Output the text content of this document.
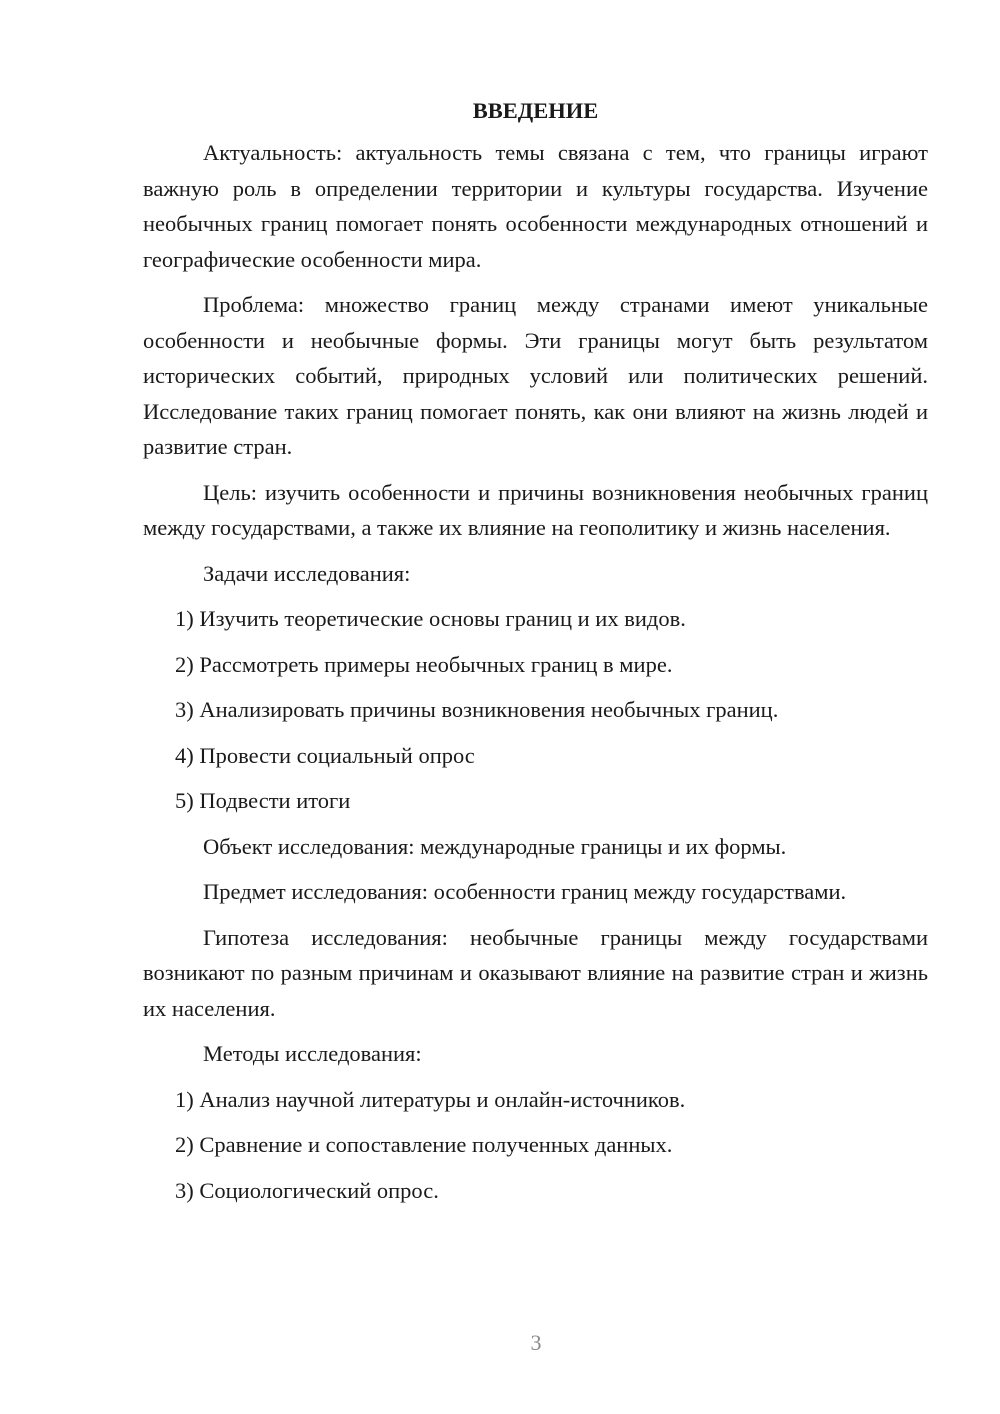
ВВЕДЕНИЕ

Актуальность: актуальность темы связана с тем, что границы играют важную роль в определении территории и культуры государства. Изучение необычных границ помогает понять особенности международных отношений и географические особенности мира.

Проблема: множество границ между странами имеют уникальные особенности и необычные формы. Эти границы могут быть результатом исторических событий, природных условий или политических решений. Исследование таких границ помогает понять, как они влияют на жизнь людей и развитие стран.

Цель: изучить особенности и причины возникновения необычных границ между государствами, а также их влияние на геополитику и жизнь населения.

Задачи исследования:

1) Изучить теоретические основы границ и их видов.

2) Рассмотреть примеры необычных границ в мире.

3) Анализировать причины возникновения необычных границ.

4) Провести социальный опрос

5) Подвести итоги

Объект исследования: международные границы и их формы.

Предмет исследования: особенности границ между государствами.

Гипотеза исследования: необычные границы между государствами возникают по разным причинам и оказывают влияние на развитие стран и жизнь их населения.

Методы исследования:

1) Анализ научной литературы и онлайн-источников.

2) Сравнение и сопоставление полученных данных.

3) Социологический опрос.

3
